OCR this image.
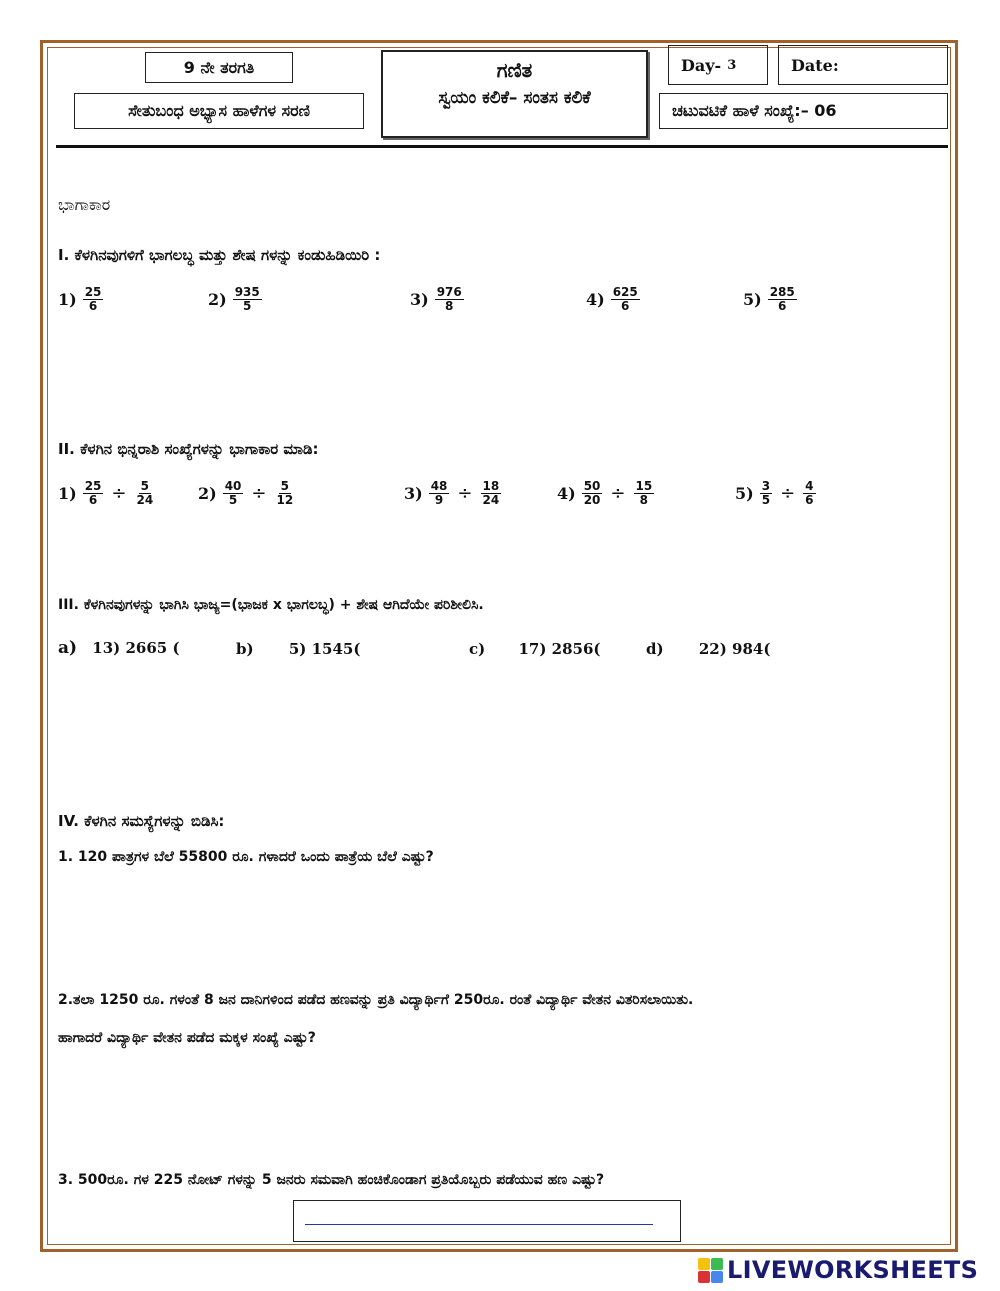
9 ನೇ ತರಗತಿ
ಸೇತುಬಂಧ ಅಭ್ಯಾಸ ಹಾಳೆಗಳ ಸರಣಿ
ಗಣಿತ
ಸ್ವಯಂ ಕಲಿಕೆ– ಸಂತಸ ಕಲಿಕೆ
Day- 3	Date:
ಚಟುವಟಿಕೆ ಹಾಳೆ ಸಂಖ್ಯೆ:– 06
ಭಾಗಾಕಾರ
I. ಕೆಳಗಿನವುಗಳಿಗೆ ಭಾಗಲಬ್ಧ ಮತ್ತು ಶೇಷ ಗಳನ್ನು ಕಂಡುಹಿಡಿಯಿರಿ :
$1) \frac{25}{6}$	$2) \frac{935}{5}$	$3) \frac{976}{8}$	$4) \frac{625}{6}$	$5) \frac{285}{6}$
II. ಕೆಳಗಿನ ಭಿನ್ನರಾಶಿ ಸಂಖ್ಯೆಗಳನ್ನು ಭಾಗಾಕಾರ ಮಾಡಿ:
$1) \frac{25}{6} \div \frac{5}{24}$	$2) \frac{40}{5} \div \frac{5}{12}$	$3) \frac{48}{9} \div \frac{18}{24}$	$4) \frac{50}{20} \div \frac{15}{8}$	$5) \frac{3}{5} \div \frac{4}{6}$
III. ಕೆಳಗಿನವುಗಳನ್ನು ಭಾಗಿಸಿ ಭಾಜ್ಯ=(ಭಾಜಕ x ಭಾಗಲಬ್ಧ) + ಶೇಷ ಆಗಿದೆಯೇ ಪರಿಶೀಲಿಸಿ.
a) 13) 2665 (	b) 5) 1545(	c) 17) 2856(	d) 22) 984(
IV. ಕೆಳಗಿನ ಸಮಸ್ಯೆಗಳನ್ನು ಬಿಡಿಸಿ:
1. 120 ಪಾತ್ರಗಳ ಬೆಲೆ 55800 ರೂ. ಗಳಾದರೆ ಒಂದು ಪಾತ್ರೆಯ ಬೆಲೆ ಎಷ್ಟು?
2.ತಲಾ 1250 ರೂ. ಗಳಂತೆ 8 ಜನ ದಾನಿಗಳಿಂದ ಪಡೆದ ಹಣವನ್ನು ಪ್ರತಿ ವಿದ್ಯಾರ್ಥಿಗೆ 250ರೂ. ರಂತೆ ವಿದ್ಯಾರ್ಥಿ ವೇತನ ವಿತರಿಸಲಾಯಿತು.
ಹಾಗಾದರೆ ವಿದ್ಯಾರ್ಥಿ ವೇತನ ಪಡೆದ ಮಕ್ಕಳ ಸಂಖ್ಯೆ ಎಷ್ಟು?
3. 500ರೂ. ಗಳ 225 ನೋಟ್ ಗಳನ್ನು 5 ಜನರು ಸಮವಾಗಿ ಹಂಚಿಕೊಂಡಾಗ ಪ್ರತಿಯೊಬ್ಬರು ಪಡೆಯುವ ಹಣ ಎಷ್ಟು?
LIVEWORKSHEETS
